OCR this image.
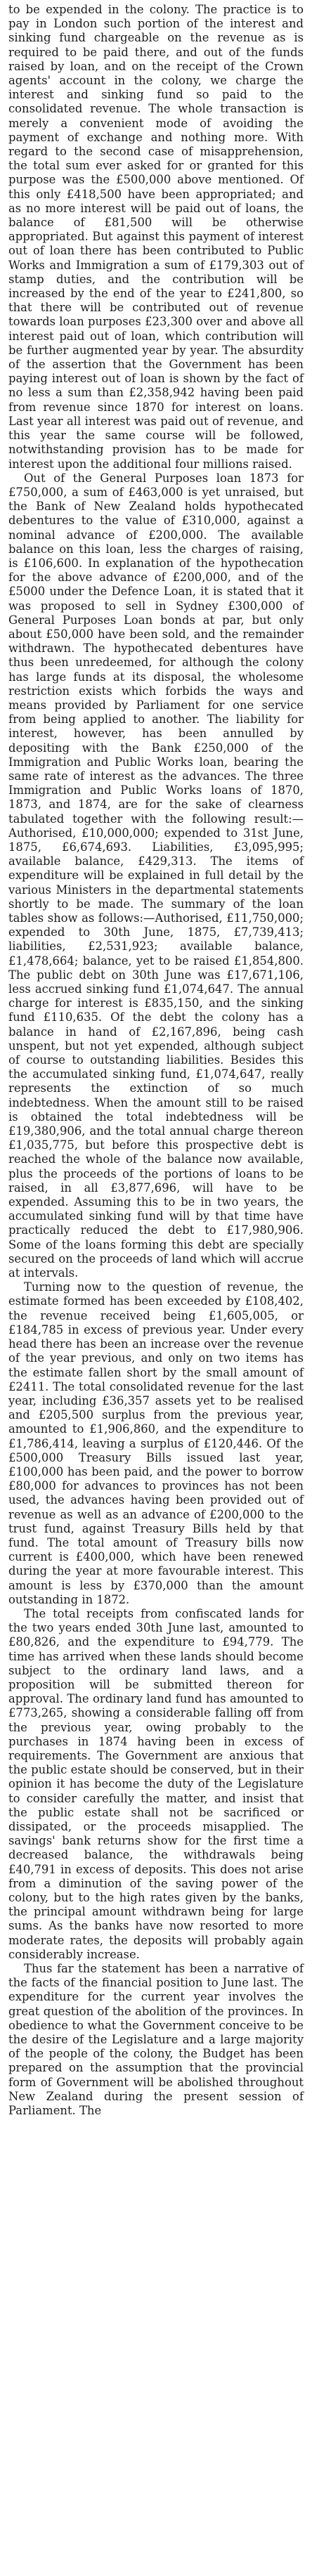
to be expended in the colony. The practice is to pay in London such portion of the interest and sinking fund chargeable on the revenue as is required to be paid there, and out of the funds raised by loan, and on the receipt of the Crown agents' account in the colony, we charge the interest and sinking fund so paid to the consolidated revenue. The whole transaction is merely a convenient mode of avoiding the payment of exchange and nothing more. With regard to the second case of misapprehension, the total sum ever asked for or granted for this purpose was the £500,000 above mentioned. Of this only £418,500 have been appropriated; and as no more interest will be paid out of loans, the balance of £81,500 will be otherwise appropriated. But against this payment of interest out of loan there has been contributed to Public Works and Immigration a sum of £179,303 out of stamp duties, and the contribution will be increased by the end of the year to £241,800, so that there will be contributed out of revenue towards loan purposes £23,300 over and above all interest paid out of loan, which contribution will be further augmented year by year. The absurdity of the assertion that the Government has been paying interest out of loan is shown by the fact of no less a sum than £2,358,942 having been paid from revenue since 1870 for interest on loans. Last year all interest was paid out of revenue, and this year the same course will be followed, notwithstanding provision has to be made for interest upon the additional four millions raised.

Out of the General Purposes loan 1873 for £750,000, a sum of £463,000 is yet unraised, but the Bank of New Zealand holds hypothecated debentures to the value of £310,000, against a nominal advance of £200,000. The available balance on this loan, less the charges of raising, is £106,600. In explanation of the hypothecation for the above advance of £200,000, and of the £5000 under the Defence Loan, it is stated that it was proposed to sell in Sydney £300,000 of General Purposes Loan bonds at par, but only about £50,000 have been sold, and the remainder withdrawn. The hypothecated debentures have thus been unredeemed, for although the colony has large funds at its disposal, the wholesome restriction exists which forbids the ways and means provided by Parliament for one service from being applied to another. The liability for interest, however, has been annulled by depositing with the Bank £250,000 of the Immigration and Public Works loan, bearing the same rate of interest as the advances. The three Immigration and Public Works loans of 1870, 1873, and 1874, are for the sake of clearness tabulated together with the following result:—Authorised, £10,000,000; expended to 31st June, 1875, £6,674,693. Liabilities, £3,095,995; available balance, £429,313. The items of expenditure will be explained in full detail by the various Ministers in the departmental statements shortly to be made. The summary of the loan tables show as follows:—Authorised, £11,750,000; expended to 30th June, 1875, £7,739,413; liabilities, £2,531,923; available balance, £1,478,664; balance, yet to be raised £1,854,800. The public debt on 30th June was £17,671,106, less accrued sinking fund £1,074,647. The annual charge for interest is £835,150, and the sinking fund £110,635. Of the debt the colony has a balance in hand of £2,167,896, being cash unspent, but not yet expended, although subject of course to outstanding liabilities. Besides this the accumulated sinking fund, £1,074,647, really represents the extinction of so much indebtedness. When the amount still to be raised is obtained the total indebtedness will be £19,380,906, and the total annual charge thereon £1,035,775, but before this prospective debt is reached the whole of the balance now available, plus the proceeds of the portions of loans to be raised, in all £3,877,696, will have to be expended. Assuming this to be in two years, the accumulated sinking fund will by that time have practically reduced the debt to £17,980,906. Some of the loans forming this debt are specially secured on the proceeds of land which will accrue at intervals.

Turning now to the question of revenue, the estimate formed has been exceeded by £108,402, the revenue received being £1,605,005, or £184,785 in excess of previous year. Under every head there has been an increase over the revenue of the year previous, and only on two items has the estimate fallen short by the small amount of £2411. The total consolidated revenue for the last year, including £36,357 assets yet to be realised and £205,500 surplus from the previous year, amounted to £1,906,860, and the expenditure to £1,786,414, leaving a surplus of £120,446. Of the £500,000 Treasury Bills issued last year, £100,000 has been paid, and the power to borrow £80,000 for advances to provinces has not been used, the advances having been provided out of revenue as well as an advance of £200,000 to the trust fund, against Treasury Bills held by that fund. The total amount of Treasury bills now current is £400,000, which have been renewed during the year at more favourable interest. This amount is less by £370,000 than the amount outstanding in 1872.

The total receipts from confiscated lands for the two years ended 30th June last, amounted to £80,826, and the expenditure to £94,779. The time has arrived when these lands should become subject to the ordinary land laws, and a proposition will be submitted thereon for approval. The ordinary land fund has amounted to £773,265, showing a considerable falling off from the previous year, owing probably to the purchases in 1874 having been in excess of requirements. The Government are anxious that the public estate should be conserved, but in their opinion it has become the duty of the Legislature to consider carefully the matter, and insist that the public estate shall not be sacrificed or dissipated, or the proceeds misapplied. The savings' bank returns show for the first time a decreased balance, the withdrawals being £40,791 in excess of deposits. This does not arise from a diminution of the saving power of the colony, but to the high rates given by the banks, the principal amount withdrawn being for large sums. As the banks have now resorted to more moderate rates, the deposits will probably again considerably increase.

Thus far the statement has been a narrative of the facts of the financial position to June last. The expenditure for the current year involves the great question of the abolition of the provinces. In obedience to what the Government conceive to be the desire of the Legislature and a large majority of the people of the colony, the Budget has been prepared on the assumption that the provincial form of Government will be abolished throughout New Zealand during the present session of Parliament. The
